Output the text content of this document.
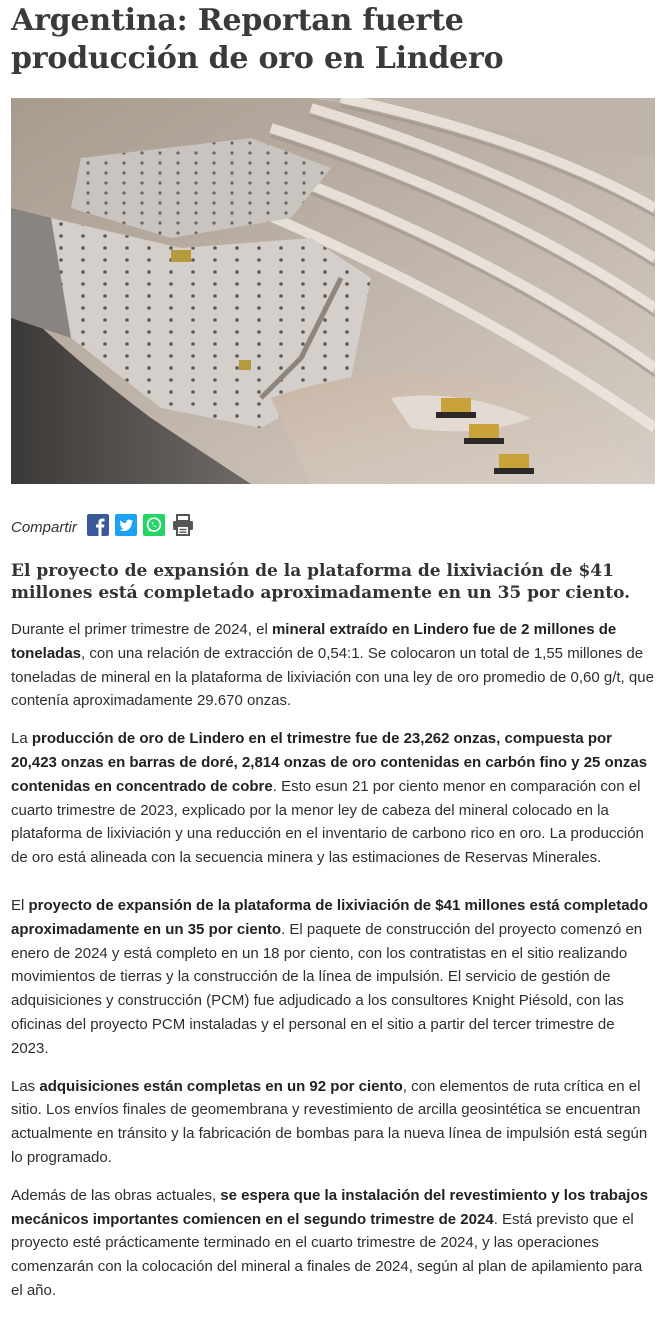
Argentina: Reportan fuerte producción de oro en Lindero
Compartir
El proyecto de expansión de la plataforma de lixiviación de $41 millones está completado aproximadamente en un 35 por ciento.

Durante el primer trimestre de 2024, el mineral extraído en Lindero fue de 2 millones de toneladas, con una relación de extracción de 0,54:1. Se colocaron un total de 1,55 millones de toneladas de mineral en la plataforma de lixiviación con una ley de oro promedio de 0,60 g/t, que contenía aproximadamente 29.670 onzas.

La producción de oro de Lindero en el trimestre fue de 23,262 onzas, compuesta por 20,423 onzas en barras de doré, 2,814 onzas de oro contenidas en carbón fino y 25 onzas contenidas en concentrado de cobre. Esto esun 21 por ciento menor en comparación con el cuarto trimestre de 2023, explicado por la menor ley de cabeza del mineral colocado en la plataforma de lixiviación y una reducción en el inventario de carbono rico en oro. La producción de oro está alineada con la secuencia minera y las estimaciones de Reservas Minerales.

El proyecto de expansión de la plataforma de lixiviación de $41 millones está completado aproximadamente en un 35 por ciento. El paquete de construcción del proyecto comenzó en enero de 2024 y está completo en un 18 por ciento, con los contratistas en el sitio realizando movimientos de tierras y la construcción de la línea de impulsión. El servicio de gestión de adquisiciones y construcción (PCM) fue adjudicado a los consultores Knight Piésold, con las oficinas del proyecto PCM instaladas y el personal en el sitio a partir del tercer trimestre de 2023.

Las adquisiciones están completas en un 92 por ciento, con elementos de ruta crítica en el sitio. Los envíos finales de geomembrana y revestimiento de arcilla geosintética se encuentran actualmente en tránsito y la fabricación de bombas para la nueva línea de impulsión está según lo programado.

Además de las obras actuales, se espera que la instalación del revestimiento y los trabajos mecánicos importantes comiencen en el segundo trimestre de 2024. Está previsto que el proyecto esté prácticamente terminado en el cuarto trimestre de 2024, y las operaciones comenzarán con la colocación del mineral a finales de 2024, según al plan de apilamiento para el año.
